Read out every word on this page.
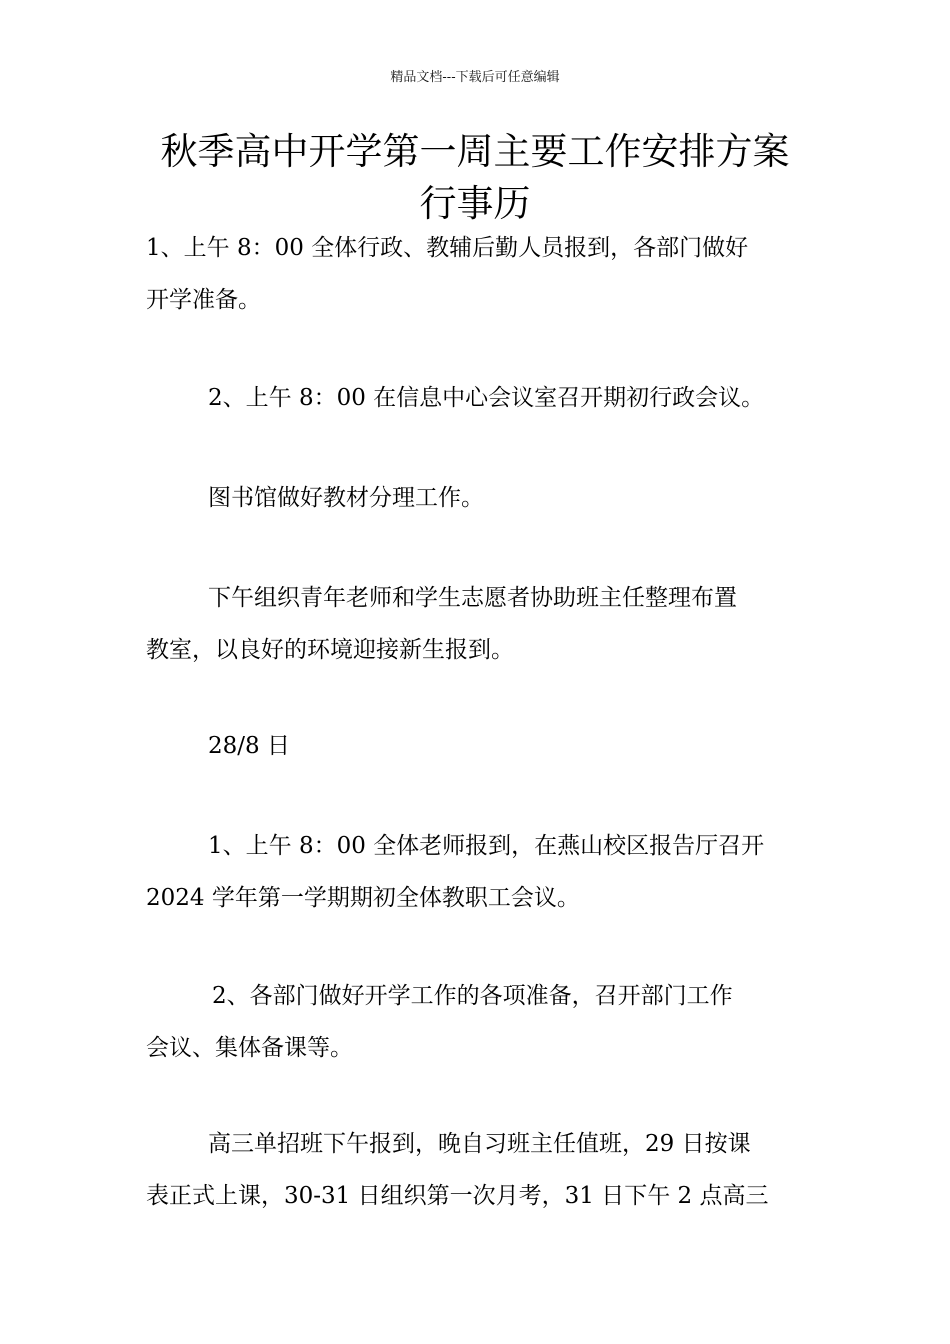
精品文档---下载后可任意编辑
秋季高中开学第一周主要工作安排方案
行事历

1、上午 8：00 全体行政、教辅后勤人员报到，各部门做好
开学准备。

2、上午 8：00 在信息中心会议室召开期初行政会议。

图书馆做好教材分理工作。

下午组织青年老师和学生志愿者协助班主任整理布置
教室，以良好的环境迎接新生报到。

28/8 日

1、上午 8：00 全体老师报到，在燕山校区报告厅召开
2024 学年第一学期期初全体教职工会议。

2、各部门做好开学工作的各项准备，召开部门工作
会议、集体备课等。

高三单招班下午报到，晚自习班主任值班，29 日按课
表正式上课，30-31 日组织第一次月考，31 日下午 2 点高三
